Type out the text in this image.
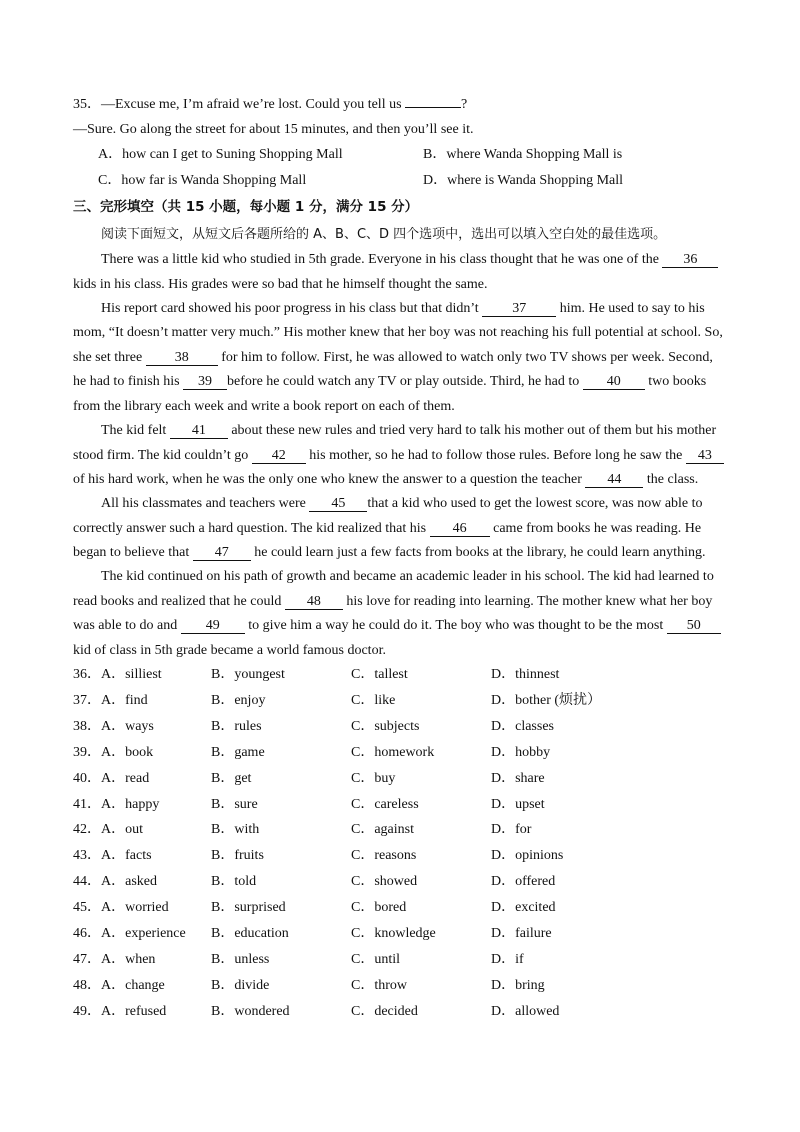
35．—Excuse me, I’m afraid we’re lost. Could you tell us	?
—Sure. Go along the street for about 15 minutes, and then you’ll see it.
A．how can I get to Suning Shopping Mall	B．where Wanda Shopping Mall is
C．how far is Wanda Shopping Mall	D．where is Wanda Shopping Mall
三、完形填空（共 15 小题，每小题 1 分，满分 15 分）
阅读下面短文，从短文后各题所给的 A、B、C、D 四个选项中，选出可以填入空白处的最佳选项。
There was a little kid who studied in 5th grade. Everyone in his class thought that he was one of the 36
kids in his class. His grades were so bad that he himself thought the same.
His report card showed his poor progress in his class but that didn’t 37 him. He used to say to his
mom, “It doesn’t matter very much.” His mother knew that her boy was not reaching his full potential at school. So,
she set three 38 for him to follow. First, he was allowed to watch only two TV shows per week. Second,
he had to finish his 39 before he could watch any TV or play outside. Third, he had to 40 two books
from the library each week and write a book report on each of them.
The kid felt 41 about these new rules and tried very hard to talk his mother out of them but his mother
stood firm. The kid couldn’t go 42 his mother, so he had to follow those rules. Before long he saw the 43
of his hard work, when he was the only one who knew the answer to a question the teacher 44 the class.
All his classmates and teachers were 45 that a kid who used to get the lowest score, was now able to
correctly answer such a hard question. The kid realized that his 46 came from books he was reading. He
began to believe that 47 he could learn just a few facts from books at the library, he could learn anything.
The kid continued on his path of growth and became an academic leader in his school. The kid had learned to
read books and realized that he could 48 his love for reading into learning. The mother knew what her boy
was able to do and 49 to give him a way he could do it. The boy who was thought to be the most 50
kid of class in 5th grade became a world famous doctor.
36．A．silliest	B．youngest	C．tallest	D．thinnest
37．A．find	B．enjoy	C．like	D．bother (烦扰）
38．A．ways	B．rules	C．subjects	D．classes
39．A．book	B．game	C．homework	D．hobby
40．A．read	B．get	C．buy	D．share
41．A．happy	B．sure	C．careless	D．upset
42．A．out	B．with	C．against	D．for
43．A．facts	B．fruits	C．reasons	D．opinions
44．A．asked	B．told	C．showed	D．offered
45．A．worried	B．surprised	C．bored	D．excited
46．A．experience B．education	C．knowledge	D．failure
47．A．when	B．unless	C．until	D．if
48．A．change	B．divide	C．throw	D．bring
49．A．refused	B．wondered	C．decided	D．allowed
